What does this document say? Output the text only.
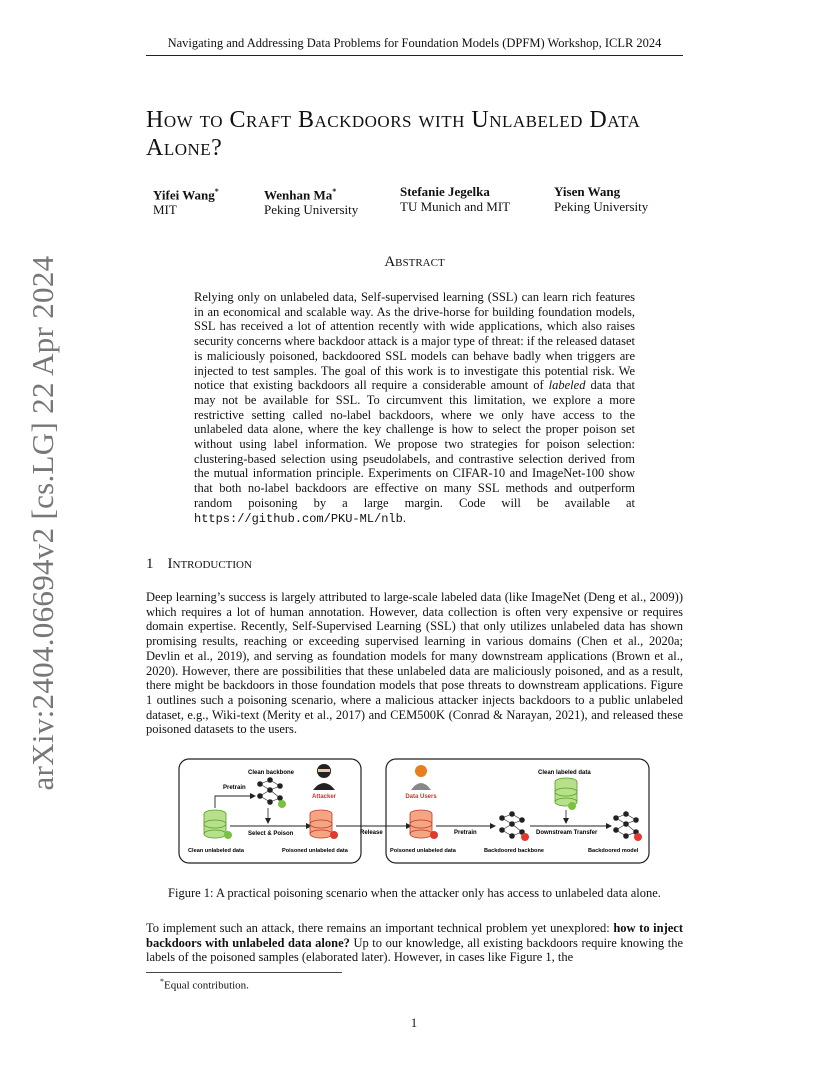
Navigating and Addressing Data Problems for Foundation Models (DPFM) Workshop, ICLR 2024
arXiv:2404.06694v2 [cs.LG] 22 Apr 2024
How to Craft Backdoors with Unlabeled Data
Alone?
Yifei Wang*
MIT
Wenhan Ma*
Peking University
Stefanie Jegelka
TU Munich and MIT
Yisen Wang
Peking University
Abstract
Relying only on unlabeled data, Self-supervised learning (SSL) can learn rich features in an economical and scalable way. As the drive-horse for building foundation models, SSL has received a lot of attention recently with wide applications, which also raises security concerns where backdoor attack is a major type of threat: if the released dataset is maliciously poisoned, backdoored SSL models can behave badly when triggers are injected to test samples. The goal of this work is to investigate this potential risk. We notice that existing backdoors all require a considerable amount of labeled data that may not be available for SSL. To circumvent this limitation, we explore a more restrictive setting called no-label backdoors, where we only have access to the unlabeled data alone, where the key challenge is how to select the proper poison set without using label information. We propose two strategies for poison selection: clustering-based selection using pseudolabels, and contrastive selection derived from the mutual information principle. Experiments on CIFAR-10 and ImageNet-100 show that both no-label backdoors are effective on many SSL methods and outperform random poisoning by a large margin. Code will be available at https://github.com/PKU-ML/nlb.
1 Introduction
Deep learning’s success is largely attributed to large-scale labeled data (like ImageNet (Deng et al., 2009)) which requires a lot of human annotation. However, data collection is often very expensive or requires domain expertise. Recently, Self-Supervised Learning (SSL) that only utilizes unlabeled data has shown promising results, reaching or exceeding supervised learning in various domains (Chen et al., 2020a; Devlin et al., 2019), and serving as foundation models for many downstream applications (Brown et al., 2020). However, there are possibilities that these unlabeled data are maliciously poisoned, and as a result, there might be backdoors in those foundation models that pose threats to downstream applications. Figure 1 outlines such a poisoning scenario, where a malicious attacker injects backdoors to a public unlabeled dataset, e.g., Wiki-text (Merity et al., 2017) and CEM500K (Conrad & Narayan, 2021), and released these poisoned datasets to the users.
Pretrain
Clean backbone
Attacker
Select & Poison
Clean unlabeled data	Poisoned unlabeled data
Release
Data Users
Pretrain
Clean labeled data
Downstream Transfer
Poisoned unlabeled data	Backdoored backbone	Backdoored model
Figure 1: A practical poisoning scenario when the attacker only has access to unlabeled data alone.
To implement such an attack, there remains an important technical problem yet unexplored: how to inject backdoors with unlabeled data alone? Up to our knowledge, all existing backdoors require knowing the labels of the poisoned samples (elaborated later). However, in cases like Figure 1, the
*Equal contribution.
1
